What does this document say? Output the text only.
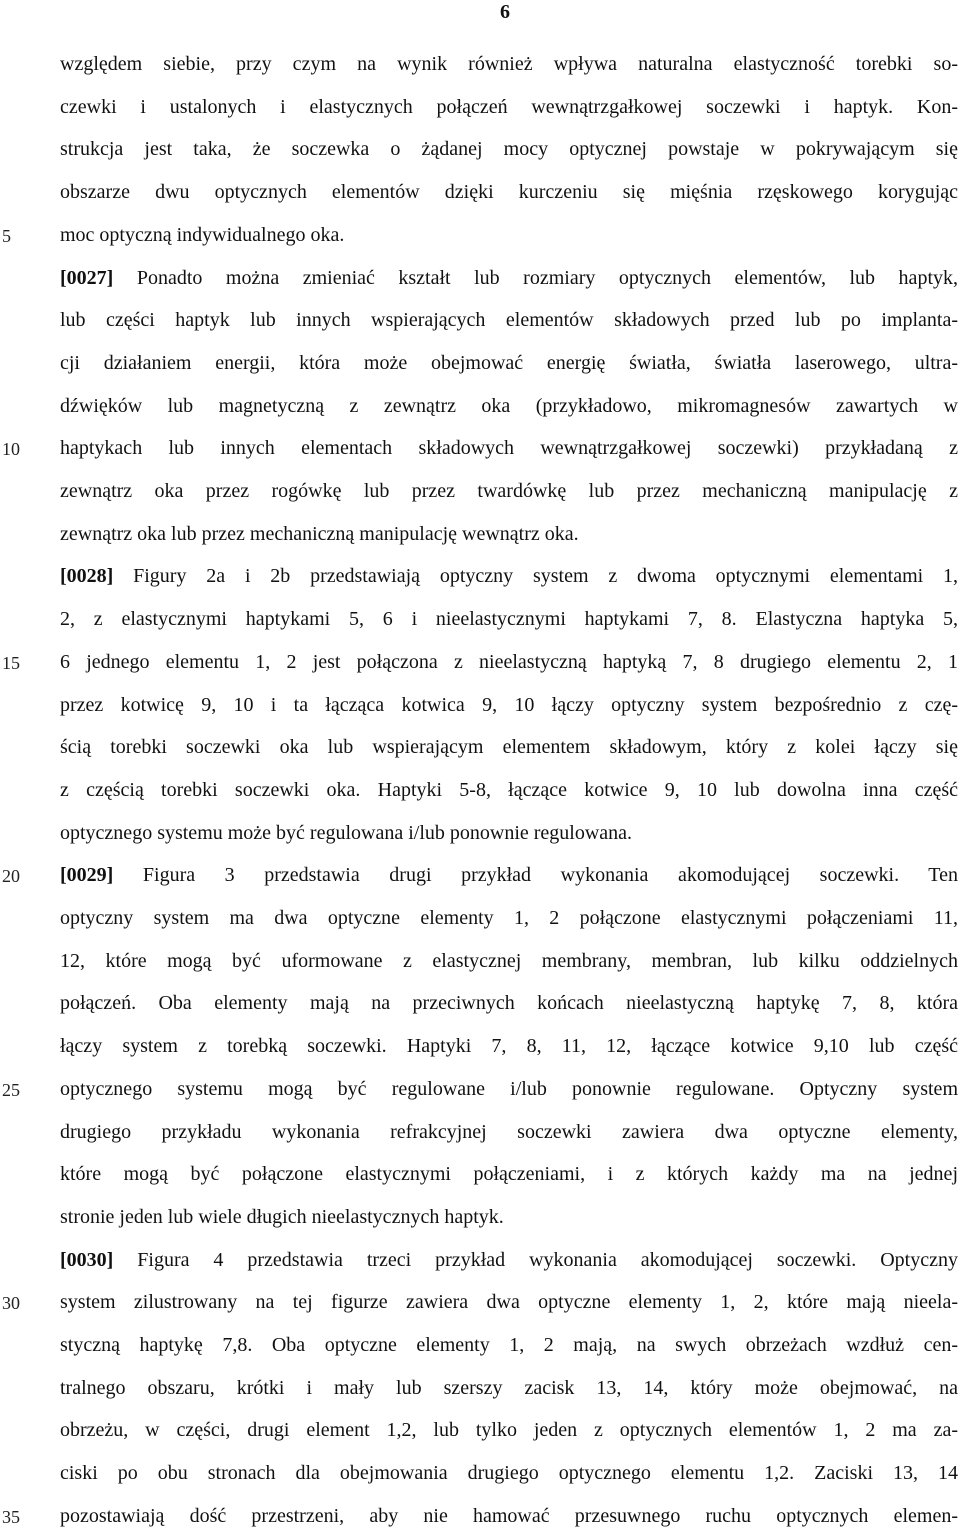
6
5
10
15
20
25
30
35
względem siebie, przy czym na wynik również wpływa naturalna elastyczność torebki so-
czewki i ustalonych i elastycznych połączeń wewnątrzgałkowej soczewki i haptyk. Kon-
strukcja jest taka, że soczewka o żądanej mocy optycznej powstaje w pokrywającym się
obszarze dwu optycznych elementów dzięki kurczeniu się mięśnia rzęskowego korygując
moc optyczną indywidualnego oka.
[0027] Ponadto można zmieniać kształt lub rozmiary optycznych elementów, lub haptyk,
lub części haptyk lub innych wspierających elementów składowych przed lub po implanta-
cji działaniem energii, która może obejmować energię światła, światła laserowego, ultra-
dźwięków lub magnetyczną z zewnątrz oka (przykładowo, mikromagnesów zawartych w
haptykach lub innych elementach składowych wewnątrzgałkowej soczewki) przykładaną z
zewnątrz oka przez rogówkę lub przez twardówkę lub przez mechaniczną manipulację z
zewnątrz oka lub przez mechaniczną manipulację wewnątrz oka.
[0028] Figury 2a i 2b przedstawiają optyczny system z dwoma optycznymi elementami 1,
2, z elastycznymi haptykami 5, 6 i nieelastycznymi haptykami 7, 8. Elastyczna haptyka 5,
6 jednego elementu 1, 2 jest połączona z nieelastyczną haptyką 7, 8 drugiego elementu 2, 1
przez kotwicę 9, 10 i ta łącząca kotwica 9, 10 łączy optyczny system bezpośrednio z czę-
ścią torebki soczewki oka lub wspierającym elementem składowym, który z kolei łączy się
z częścią torebki soczewki oka. Haptyki 5-8, łączące kotwice 9, 10 lub dowolna inna część
optycznego systemu może być regulowana i/lub ponownie regulowana.
[0029] Figura 3 przedstawia drugi przykład wykonania akomodującej soczewki. Ten
optyczny system ma dwa optyczne elementy 1, 2 połączone elastycznymi połączeniami 11,
12, które mogą być uformowane z elastycznej membrany, membran, lub kilku oddzielnych
połączeń. Oba elementy mają na przeciwnych końcach nieelastyczną haptykę 7, 8, która
łączy system z torebką soczewki. Haptyki 7, 8, 11, 12, łączące kotwice 9,10 lub część
optycznego systemu mogą być regulowane i/lub ponownie regulowane. Optyczny system
drugiego przykładu wykonania refrakcyjnej soczewki zawiera dwa optyczne elementy,
które mogą być połączone elastycznymi połączeniami, i z których każdy ma na jednej
stronie jeden lub wiele długich nieelastycznych haptyk.
[0030] Figura 4 przedstawia trzeci przykład wykonania akomodującej soczewki. Optyczny
system zilustrowany na tej figurze zawiera dwa optyczne elementy 1, 2, które mają nieela-
styczną haptykę 7,8. Oba optyczne elementy 1, 2 mają, na swych obrzeżach wzdłuż cen-
tralnego obszaru, krótki i mały lub szerszy zacisk 13, 14, który może obejmować, na
obrzeżu, w części, drugi element 1,2, lub tylko jeden z optycznych elementów 1, 2 ma za-
ciski po obu stronach dla obejmowania drugiego optycznego elementu 1,2. Zaciski 13, 14
pozostawiają dość przestrzeni, aby nie hamować przesuwnego ruchu optycznych elemen-
